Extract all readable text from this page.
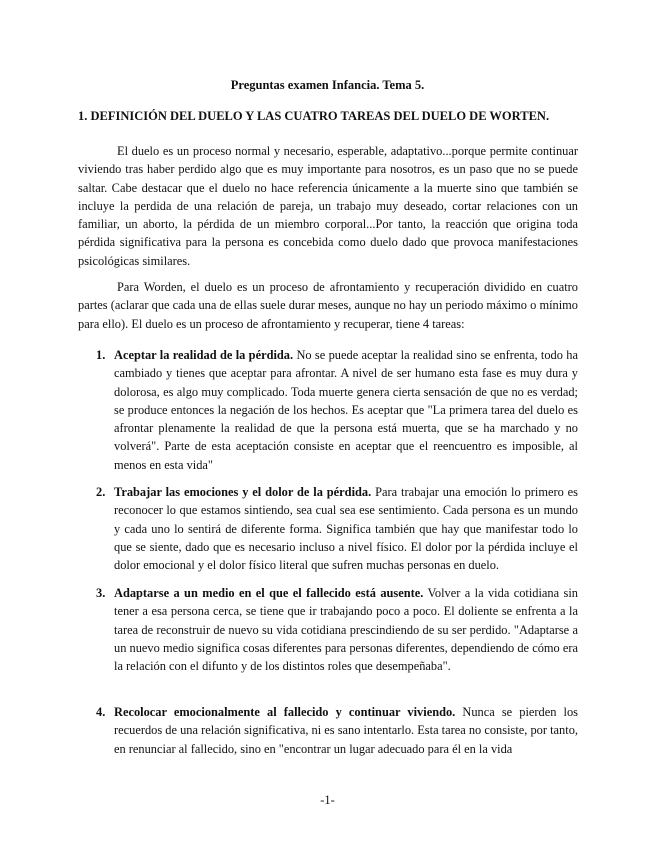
Preguntas examen Infancia. Tema 5.
1. DEFINICIÓN DEL DUELO Y LAS CUATRO TAREAS DEL DUELO DE WORTEN.

El duelo es un proceso normal y necesario, esperable, adaptativo...porque permite continuar viviendo tras haber perdido algo que es muy importante para nosotros, es un paso que no se puede saltar. Cabe destacar que el duelo no hace referencia únicamente a la muerte sino que también se incluye la perdida de una relación de pareja, un trabajo muy deseado, cortar relaciones con un familiar, un aborto, la pérdida de un miembro corporal...Por tanto, la reacción que origina toda pérdida significativa para la persona es concebida como duelo dado que provoca manifestaciones psicológicas similares.

Para Worden, el duelo es un proceso de afrontamiento y recuperación dividido en cuatro partes (aclarar que cada una de ellas suele durar meses, aunque no hay un periodo máximo o mínimo para ello). El duelo es un proceso de afrontamiento y recuperar, tiene 4 tareas:

1. Aceptar la realidad de la pérdida. No se puede aceptar la realidad sino se enfrenta, todo ha cambiado y tienes que aceptar para afrontar. A nivel de ser humano esta fase es muy dura y dolorosa, es algo muy complicado. Toda muerte genera cierta sensación de que no es verdad; se produce entonces la negación de los hechos. Es aceptar que "La primera tarea del duelo es afrontar plenamente la realidad de que la persona está muerta, que se ha marchado y no volverá". Parte de esta aceptación consiste en aceptar que el reencuentro es imposible, al menos en esta vida"
2. Trabajar las emociones y el dolor de la pérdida. Para trabajar una emoción lo primero es reconocer lo que estamos sintiendo, sea cual sea ese sentimiento. Cada persona es un mundo y cada uno lo sentirá de diferente forma. Significa también que hay que manifestar todo lo que se siente, dado que es necesario incluso a nivel físico. El dolor por la pérdida incluye el dolor emocional y el dolor físico literal que sufren muchas personas en duelo.
3. Adaptarse a un medio en el que el fallecido está ausente. Volver a la vida cotidiana sin tener a esa persona cerca, se tiene que ir trabajando poco a poco. El doliente se enfrenta a la tarea de reconstruir de nuevo su vida cotidiana prescindiendo de su ser perdido. "Adaptarse a un nuevo medio significa cosas diferentes para personas diferentes, dependiendo de cómo era la relación con el difunto y de los distintos roles que desempeñaba".
4. Recolocar emocionalmente al fallecido y continuar viviendo. Nunca se pierden los recuerdos de una relación significativa, ni es sano intentarlo. Esta tarea no consiste, por tanto, en renunciar al fallecido, sino en "encontrar un lugar adecuado para él en la vida
-1-
